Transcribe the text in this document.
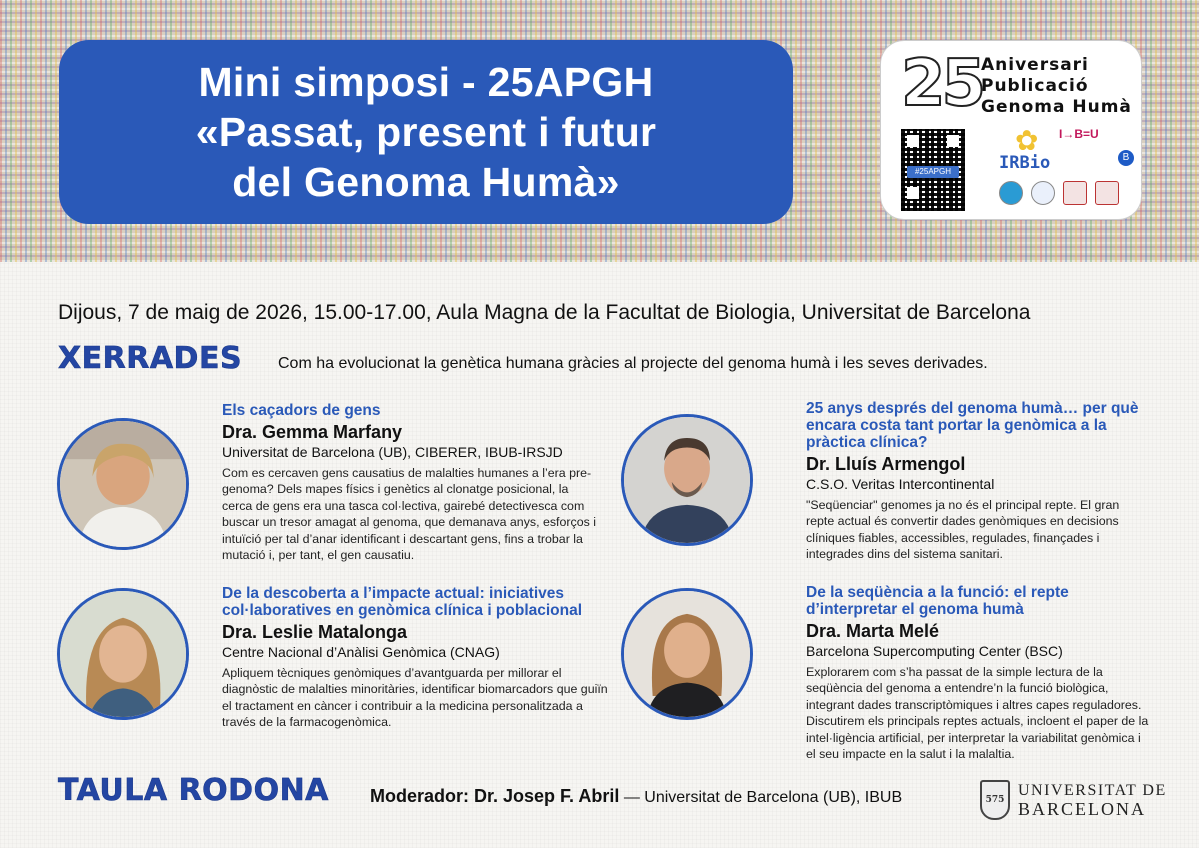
Mini simposi - 25APGH
«Passat, present i futur
del Genoma Humà»
25
Aniversari
Publicació
Genoma Humà
#25APGH
✿
IRBio
I→B=U
B
Dijous, 7 de maig de 2026, 15.00-17.00, Aula Magna de la Facultat de Biologia, Universitat de Barcelona
XERRADES Com ha evolucionat la genètica humana gràcies al projecte del genoma humà i les seves derivades.
Els caçadors de gens
Dra. Gemma Marfany
Universitat de Barcelona (UB), CIBERER, IBUB-IRSJD
Com es cercaven gens causatius de malalties humanes a l’era pre-genoma? Dels mapes físics i genètics al clonatge posicional, la cerca de gens era una tasca col·lectiva, gairebé detectivesca com buscar un tresor amagat al genoma, que demanava anys, esforços i intuïció per tal d’anar identificant i descartant gens, fins a trobar la mutació i, per tant, el gen causatiu.
25 anys després del genoma humà… per què encara costa tant portar la genòmica a la pràctica clínica?
Dr. Lluís Armengol
C.S.O. Veritas Intercontinental
"Seqüenciar" genomes ja no és el principal repte. El gran repte actual és convertir dades genòmiques en decisions clíniques fiables, accessibles, regulades, finançades i integrades dins del sistema sanitari.
De la descoberta a l’impacte actual: iniciatives col·laboratives en genòmica clínica i poblacional
Dra. Leslie Matalonga
Centre Nacional d’Anàlisi Genòmica (CNAG)
Apliquem tècniques genòmiques d’avantguarda per millorar el diagnòstic de malalties minoritàries, identificar biomarcadors que guiïn el tractament en càncer i contribuir a la medicina personalitzada a través de la farmacogenòmica.
De la seqüència a la funció: el repte d’interpretar el genoma humà
Dra. Marta Melé
Barcelona Supercomputing Center (BSC)
Explorarem com s’ha passat de la simple lectura de la seqüència del genoma a entendre’n la funció biològica, integrant dades transcriptòmiques i altres capes reguladores. Discutirem els principals reptes actuals, incloent el paper de la intel·ligència artificial, per interpretar la variabilitat genòmica i el seu impacte en la salut i la malaltia.
TAULA RODONA Moderador: Dr. Josep F. Abril — Universitat de Barcelona (UB), IBUB	575
UNIVERSITAT DE
BARCELONA
